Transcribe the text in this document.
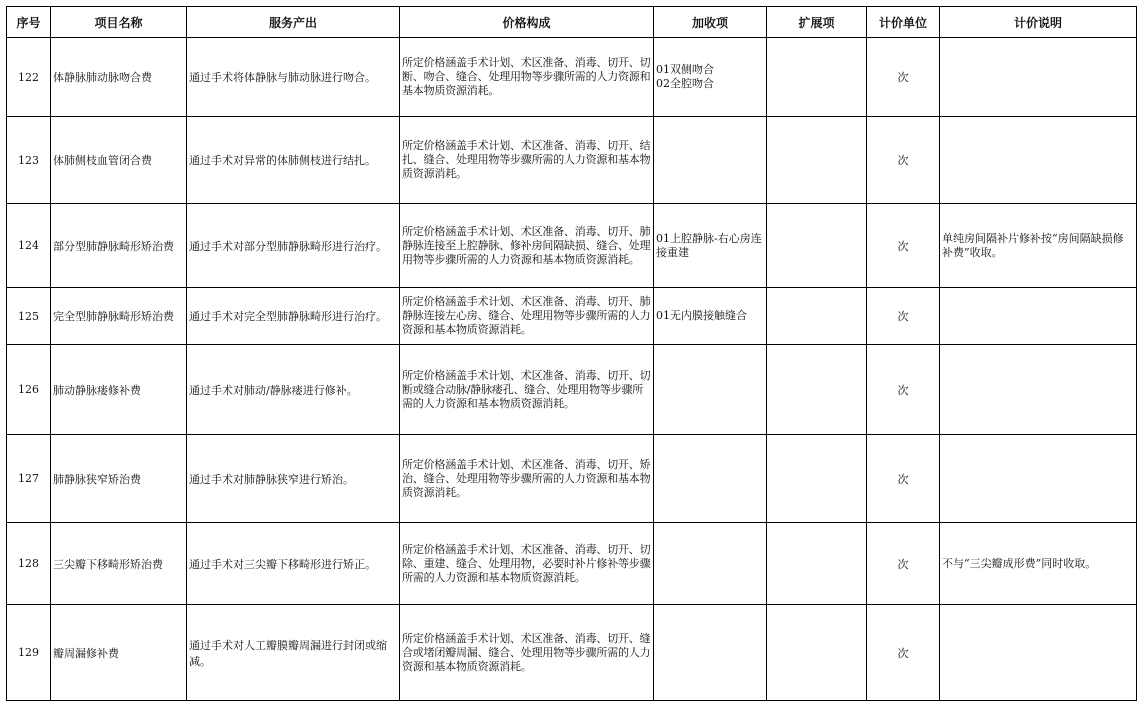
序号	项目名称	服务产出	价格构成	加收项	扩展项	计价单位	计价说明
122	体静脉肺动脉吻合费	通过手术将体静脉与肺动脉进行吻合。	所定价格涵盖手术计划、术区准备、消毒、切开、切断、吻合、缝合、处理用物等步骤所需的人力资源和基本物质资源消耗。	01双侧吻合
02全腔吻合		次	
123	体肺侧枝血管闭合费	通过手术对异常的体肺侧枝进行结扎。	所定价格涵盖手术计划、术区准备、消毒、切开、结扎、缝合、处理用物等步骤所需的人力资源和基本物质资源消耗。			次	
124	部分型肺静脉畸形矫治费	通过手术对部分型肺静脉畸形进行治疗。	所定价格涵盖手术计划、术区准备、消毒、切开、肺静脉连接至上腔静脉、修补房间隔缺损、缝合、处理用物等步骤所需的人力资源和基本物质资源消耗。	01上腔静脉-右心房连接重建		次	单纯房间隔补片修补按“房间隔缺损修补费”收取。
125	完全型肺静脉畸形矫治费	通过手术对完全型肺静脉畸形进行治疗。	所定价格涵盖手术计划、术区准备、消毒、切开、肺静脉连接左心房、缝合、处理用物等步骤所需的人力资源和基本物质资源消耗。	01无内膜接触缝合		次	
126	肺动静脉瘘修补费	通过手术对肺动/静脉瘘进行修补。	所定价格涵盖手术计划、术区准备、消毒、切开、切断或缝合动脉/静脉瘘孔、缝合、处理用物等步骤所需的人力资源和基本物质资源消耗。			次	
127	肺静脉狭窄矫治费	通过手术对肺静脉狭窄进行矫治。	所定价格涵盖手术计划、术区准备、消毒、切开、矫治、缝合、处理用物等步骤所需的人力资源和基本物质资源消耗。			次	
128	三尖瓣下移畸形矫治费	通过手术对三尖瓣下移畸形进行矫正。	所定价格涵盖手术计划、术区准备、消毒、切开、切除、重建、缝合、处理用物，必要时补片修补等步骤所需的人力资源和基本物质资源消耗。			次	不与“三尖瓣成形费”同时收取。
129	瓣周漏修补费	通过手术对人工瓣膜瓣周漏进行封闭或缩减。	所定价格涵盖手术计划、术区准备、消毒、切开、缝合或堵闭瓣周漏、缝合、处理用物等步骤所需的人力资源和基本物质资源消耗。			次	
